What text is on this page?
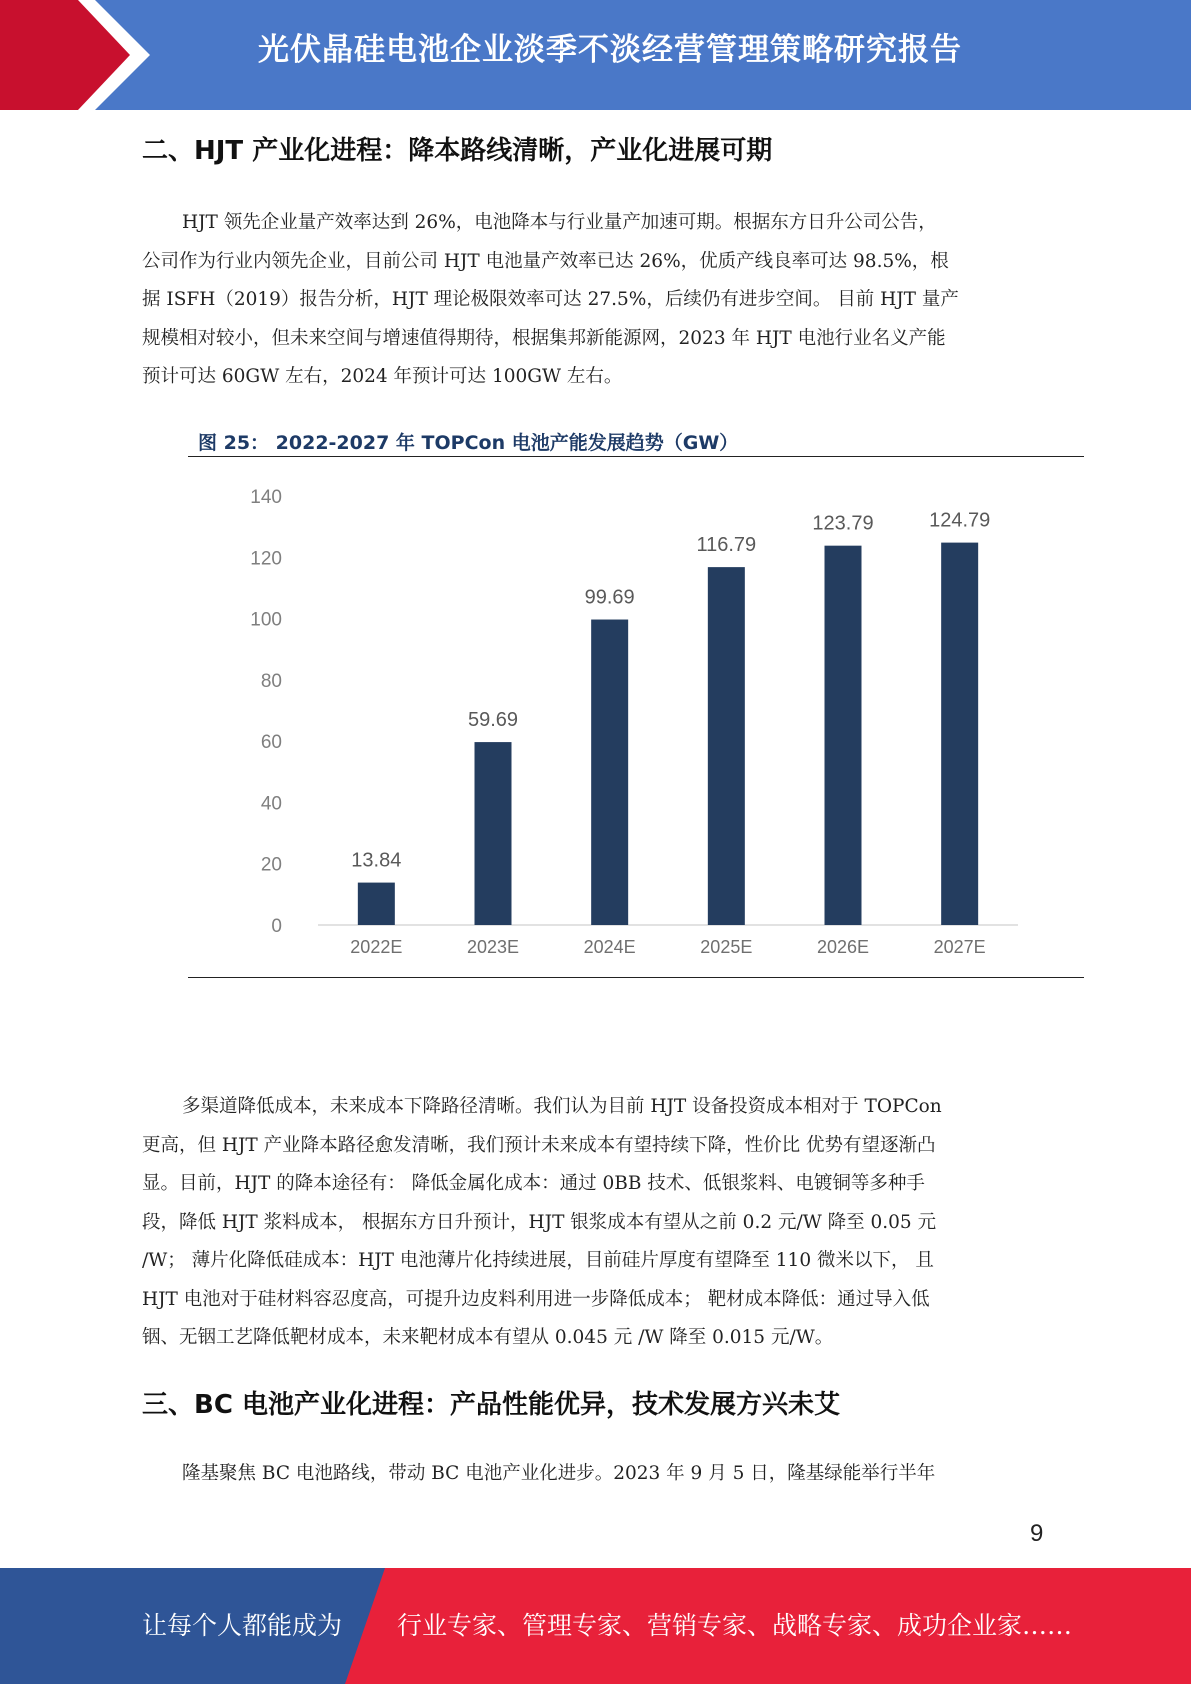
光伏晶硅电池企业淡季不淡经营管理策略研究报告
二、HJT 产业化进程：降本路线清晰，产业化进展可期
HJT 领先企业量产效率达到 26%，电池降本与行业量产加速可期。根据东方日升公司公告，
公司作为行业内领先企业，目前公司 HJT 电池量产效率已达 26%，优质产线良率可达 98.5%，根
据 ISFH（2019）报告分析，HJT 理论极限效率可达 27.5%，后续仍有进步空间。 目前 HJT 量产
规模相对较小，但未来空间与增速值得期待，根据集邦新能源网，2023 年 HJT 电池行业名义产能
预计可达 60GW 左右，2024 年预计可达 100GW 左右。
图 25： 2022-2027 年 TOPCon 电池产能发展趋势（GW）
0
20
40
60
80
100
120
140
2022E	2023E	2024E	2025E	2026E	2027E
13.84
59.69
99.69
116.79
123.79	124.79
多渠道降低成本，未来成本下降路径清晰。我们认为目前 HJT 设备投资成本相对于 TOPCon
更高，但 HJT 产业降本路径愈发清晰，我们预计未来成本有望持续下降，性价比 优势有望逐渐凸
显。目前，HJT 的降本途径有： 降低金属化成本：通过 0BB 技术、低银浆料、电镀铜等多种手
段，降低 HJT 浆料成本， 根据东方日升预计，HJT 银浆成本有望从之前 0.2 元/W 降至 0.05 元
/W； 薄片化降低硅成本：HJT 电池薄片化持续进展，目前硅片厚度有望降至 110 微米以下， 且
HJT 电池对于硅材料容忍度高，可提升边皮料利用进一步降低成本； 靶材成本降低：通过导入低
铟、无铟工艺降低靶材成本，未来靶材成本有望从 0.045 元 /W 降至 0.015 元/W。
三、BC 电池产业化进程：产品性能优异，技术发展方兴未艾
隆基聚焦 BC 电池路线，带动 BC 电池产业化进步。2023 年 9 月 5 日，隆基绿能举行半年
9
让每个人都能成为 行业专家、管理专家、营销专家、战略专家、成功企业家……
